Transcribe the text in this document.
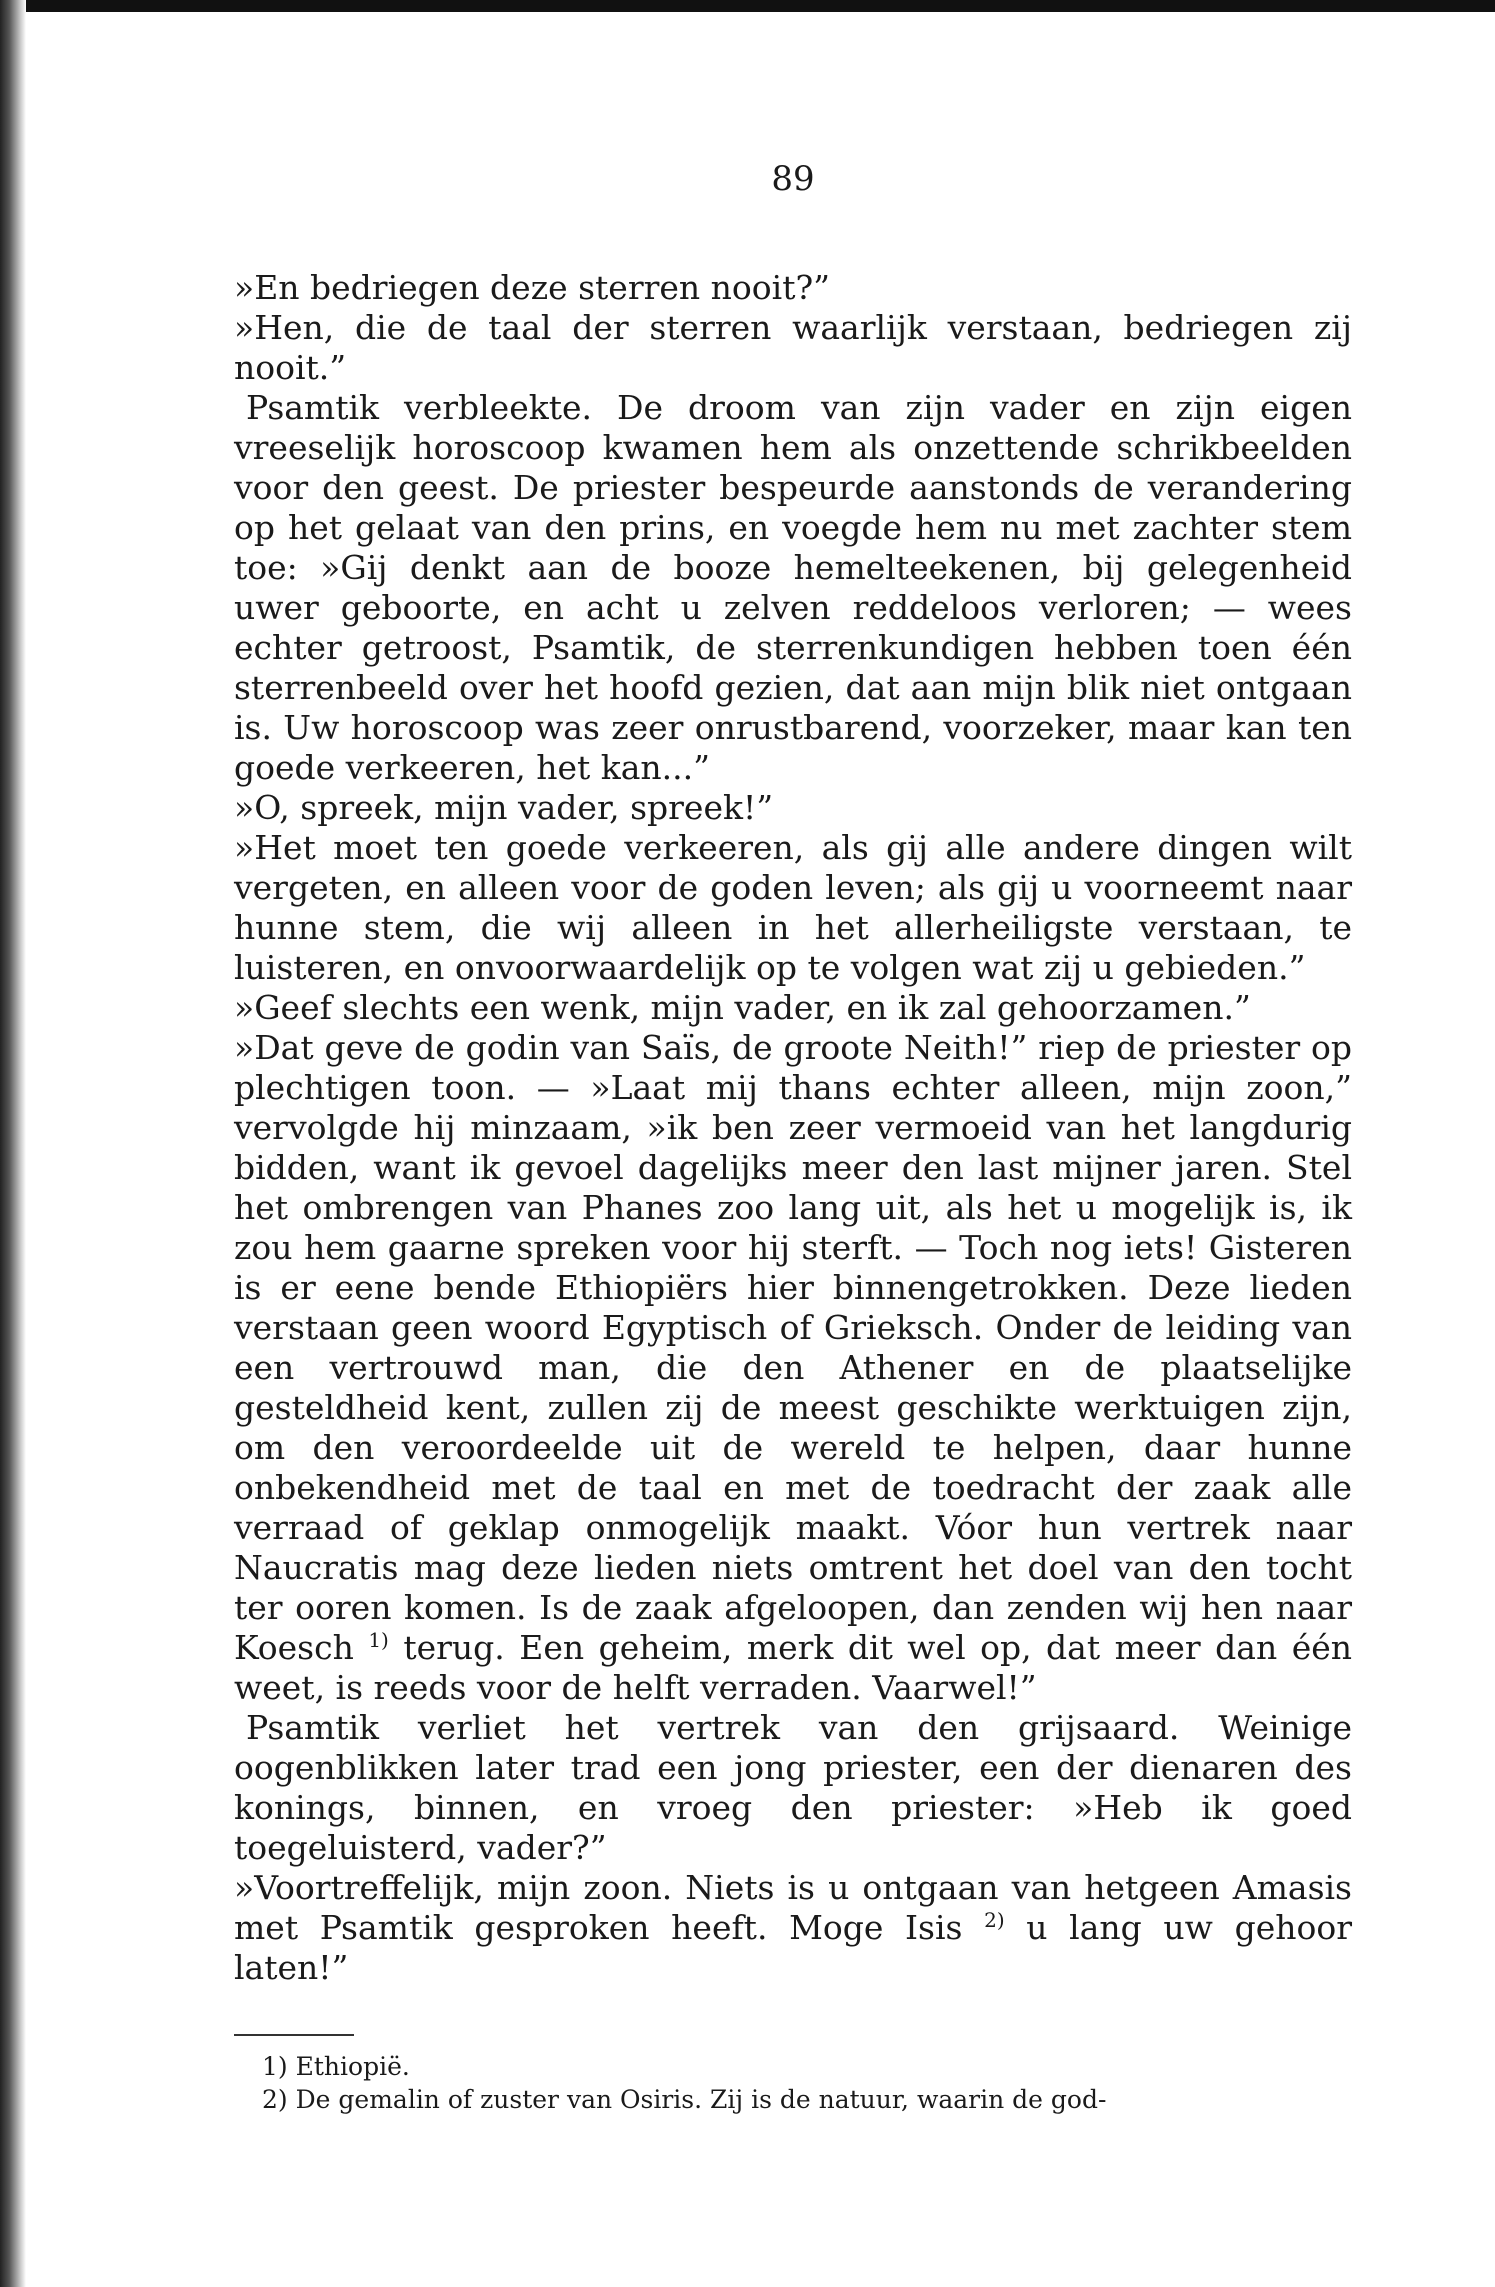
89

»En bedriegen deze sterren nooit?”

»Hen, die de taal der sterren waarlijk verstaan, bedriegen zij nooit.”

Psamtik verbleekte. De droom van zijn vader en zijn eigen vreeselijk horoscoop kwamen hem als onzettende schrikbeelden voor den geest. De priester bespeurde aanstonds de verandering op het gelaat van den prins, en voegde hem nu met zachter stem toe: »Gij denkt aan de booze hemelteekenen, bij gelegenheid uwer geboorte, en acht u zelven reddeloos verloren; — wees echter getroost, Psamtik, de sterrenkundigen hebben toen één sterrenbeeld over het hoofd gezien, dat aan mijn blik niet ontgaan is. Uw horoscoop was zeer onrustbarend, voorzeker, maar kan ten goede verkeeren, het kan...”

»O, spreek, mijn vader, spreek!”

»Het moet ten goede verkeeren, als gij alle andere dingen wilt vergeten, en alleen voor de goden leven; als gij u voorneemt naar hunne stem, die wij alleen in het allerheiligste verstaan, te luisteren, en onvoorwaardelijk op te volgen wat zij u gebieden.”

»Geef slechts een wenk, mijn vader, en ik zal gehoorzamen.”

»Dat geve de godin van Saïs, de groote Neith!” riep de priester op plechtigen toon. — »Laat mij thans echter alleen, mijn zoon,” vervolgde hij minzaam, »ik ben zeer vermoeid van het langdurig bidden, want ik gevoel dagelijks meer den last mijner jaren. Stel het ombrengen van Phanes zoo lang uit, als het u mogelijk is, ik zou hem gaarne spreken voor hij sterft. — Toch nog iets! Gisteren is er eene bende Ethiopiërs hier binnengetrokken. Deze lieden verstaan geen woord Egyptisch of Grieksch. Onder de leiding van een vertrouwd man, die den Athener en de plaatselijke gesteldheid kent, zullen zij de meest geschikte werktuigen zijn, om den veroordeelde uit de wereld te helpen, daar hunne onbekendheid met de taal en met de toedracht der zaak alle verraad of geklap onmogelijk maakt. Vóor hun vertrek naar Naucratis mag deze lieden niets omtrent het doel van den tocht ter ooren komen. Is de zaak afgeloopen, dan zenden wij hen naar Koesch $^{1)}$ terug. Een geheim, merk dit wel op, dat meer dan één weet, is reeds voor de helft verraden. Vaarwel!”

Psamtik verliet het vertrek van den grijsaard. Weinige oogenblikken later trad een jong priester, een der dienaren des konings, binnen, en vroeg den priester: »Heb ik goed toegeluisterd, vader?”

»Voortreffelijk, mijn zoon. Niets is u ontgaan van hetgeen Amasis met Psamtik gesproken heeft. Moge Isis $^{2)}$ u lang uw gehoor laten!”

1) Ethiopië.

2) De gemalin of zuster van Osiris. Zij is de natuur, waarin de god-
